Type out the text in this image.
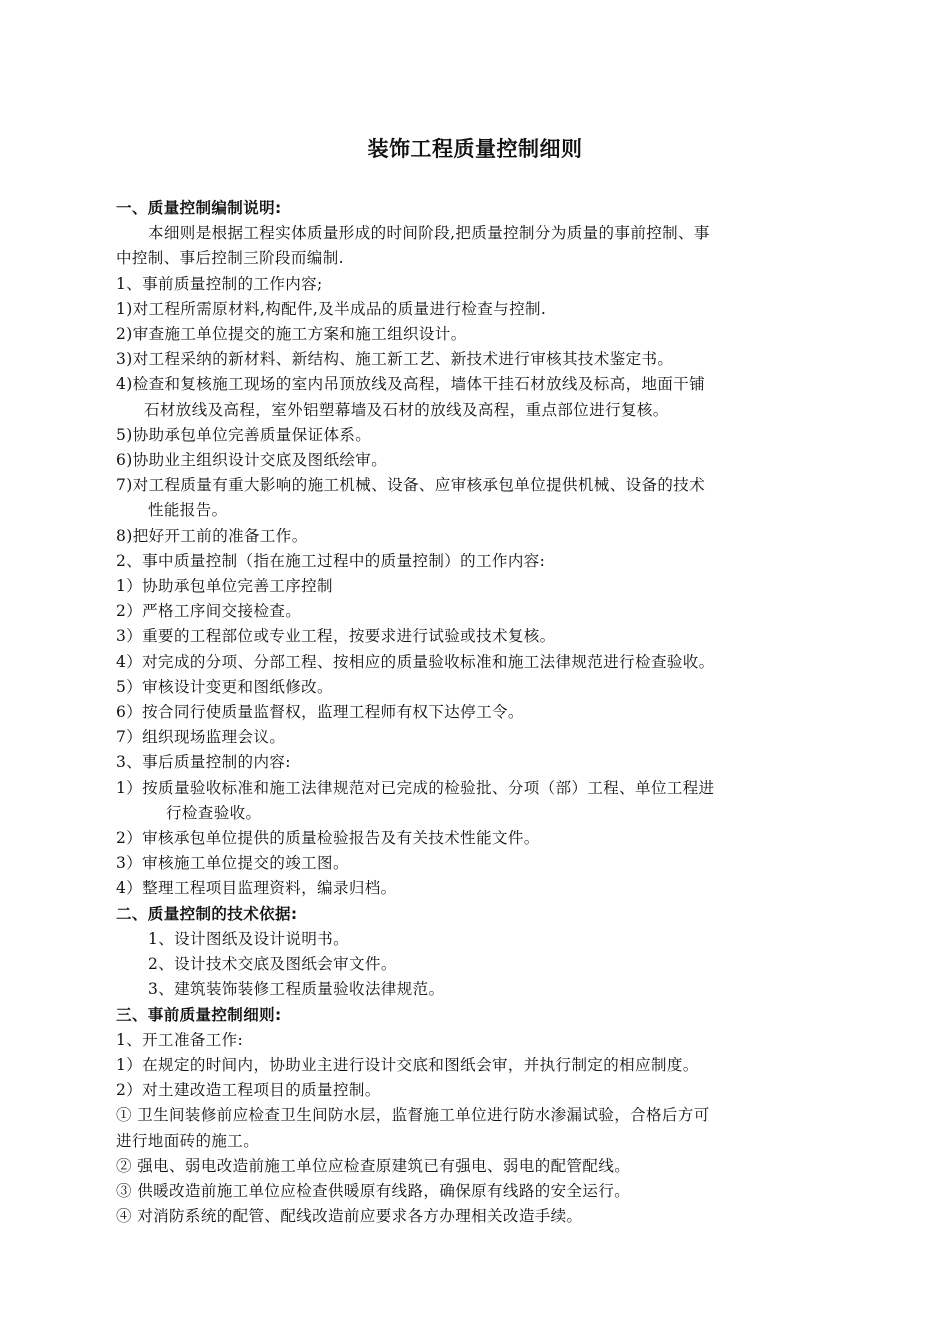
装饰工程质量控制细则
一、质量控制编制说明:
本细则是根据工程实体质量形成的时间阶段,把质量控制分为质量的事前控制、事
中控制、事后控制三阶段而编制.
1、事前质量控制的工作内容;
1)对工程所需原材料,构配件,及半成品的质量进行检查与控制.
2)审查施工单位提交的施工方案和施工组织设计。
3)对工程采纳的新材料、新结构、施工新工艺、新技术进行审核其技术鉴定书。
4)检查和复核施工现场的室内吊顶放线及高程，墙体干挂石材放线及标高，地面干铺
石材放线及高程，室外铝塑幕墙及石材的放线及高程，重点部位进行复核。
5)协助承包单位完善质量保证体系。
6)协助业主组织设计交底及图纸绘审。
7)对工程质量有重大影响的施工机械、设备、应审核承包单位提供机械、设备的技术
性能报告。
8)把好开工前的准备工作。
2、事中质量控制（指在施工过程中的质量控制）的工作内容:
1）协助承包单位完善工序控制
2）严格工序间交接检查。
3）重要的工程部位或专业工程，按要求进行试验或技术复核。
4）对完成的分项、分部工程、按相应的质量验收标准和施工法律规范进行检查验收。
5）审核设计变更和图纸修改。
6）按合同行使质量监督权，监理工程师有权下达停工令。
7）组织现场监理会议。
3、事后质量控制的内容:
1）按质量验收标准和施工法律规范对已完成的检验批、分项（部）工程、单位工程进
行检查验收。
2）审核承包单位提供的质量检验报告及有关技术性能文件。
3）审核施工单位提交的竣工图。
4）整理工程项目监理资料，编录归档。
二、质量控制的技术依据:
1、设计图纸及设计说明书。
2、设计技术交底及图纸会审文件。
3、建筑装饰装修工程质量验收法律规范。
三、事前质量控制细则:
1、开工准备工作:
1）在规定的时间内，协助业主进行设计交底和图纸会审，并执行制定的相应制度。
2）对土建改造工程项目的质量控制。
① 卫生间装修前应检查卫生间防水层，监督施工单位进行防水渗漏试验，合格后方可
进行地面砖的施工。
② 强电、弱电改造前施工单位应检查原建筑已有强电、弱电的配管配线。
③ 供暖改造前施工单位应检查供暖原有线路，确保原有线路的安全运行。
④ 对消防系统的配管、配线改造前应要求各方办理相关改造手续。
